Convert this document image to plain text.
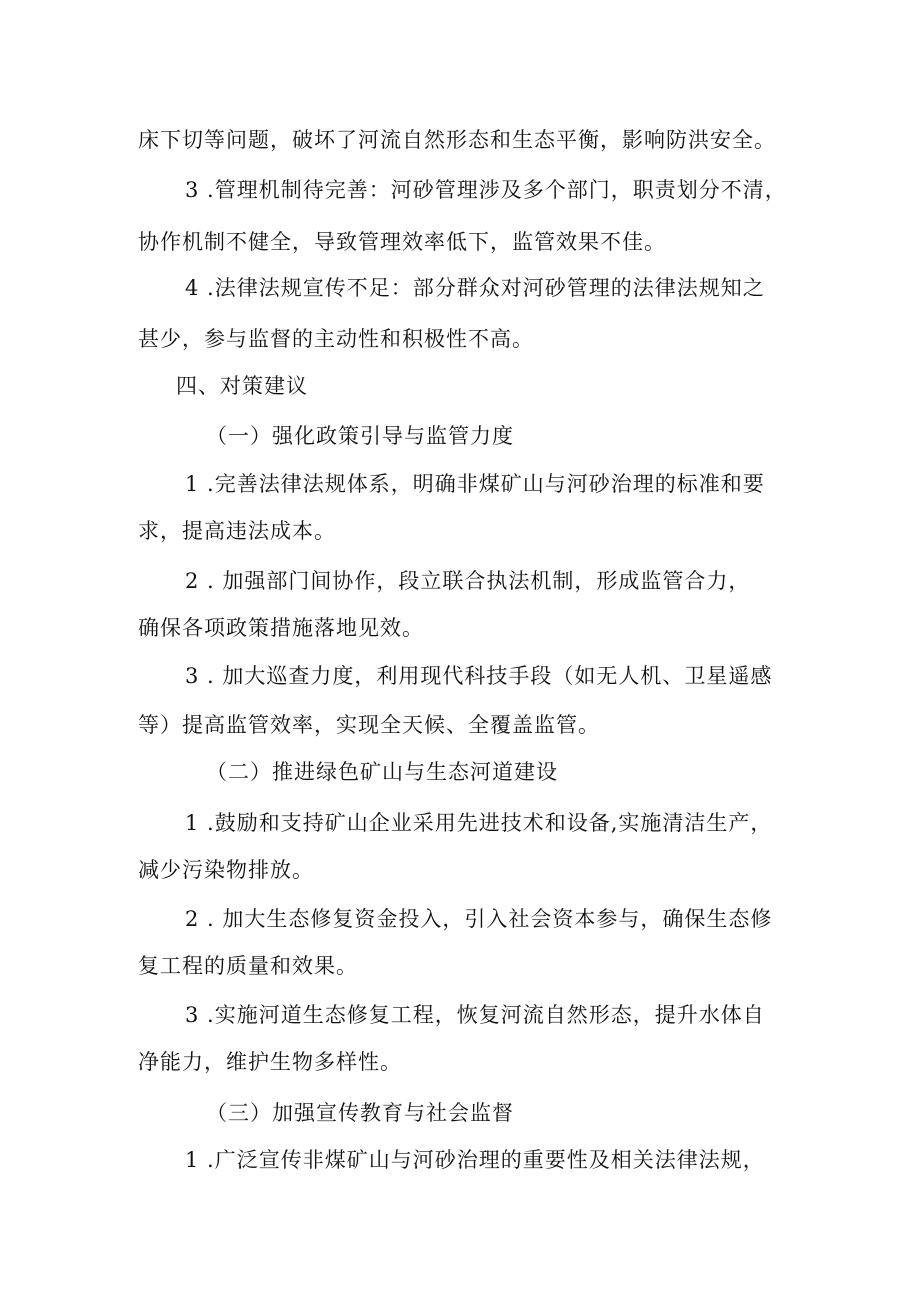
床下切等问题，破坏了河流自然形态和生态平衡，影响防洪安全。
3 .管理机制待完善：河砂管理涉及多个部门，职责划分不清，
协作机制不健全，导致管理效率低下，监管效果不佳。
4 .法律法规宣传不足：部分群众对河砂管理的法律法规知之
甚少，参与监督的主动性和积极性不高。
四、对策建议
（一）强化政策引导与监管力度
1 .完善法律法规体系，明确非煤矿山与河砂治理的标准和要
求，提高违法成本。
2 . 加强部门间协作，段立联合执法机制，形成监管合力，
确保各项政策措施落地见效。
3 . 加大巡查力度，利用现代科技手段（如无人机、卫星遥感
等）提高监管效率，实现全天候、全覆盖监管。
（二）推进绿色矿山与生态河道建设
1 .鼓励和支持矿山企业采用先进技术和设备,实施清洁生产，
减少污染物排放。
2 . 加大生态修复资金投入，引入社会资本参与，确保生态修
复工程的质量和效果。
3 .实施河道生态修复工程，恢复河流自然形态，提升水体自
净能力，维护生物多样性。
（三）加强宣传教育与社会监督
1 .广泛宣传非煤矿山与河砂治理的重要性及相关法律法规，
